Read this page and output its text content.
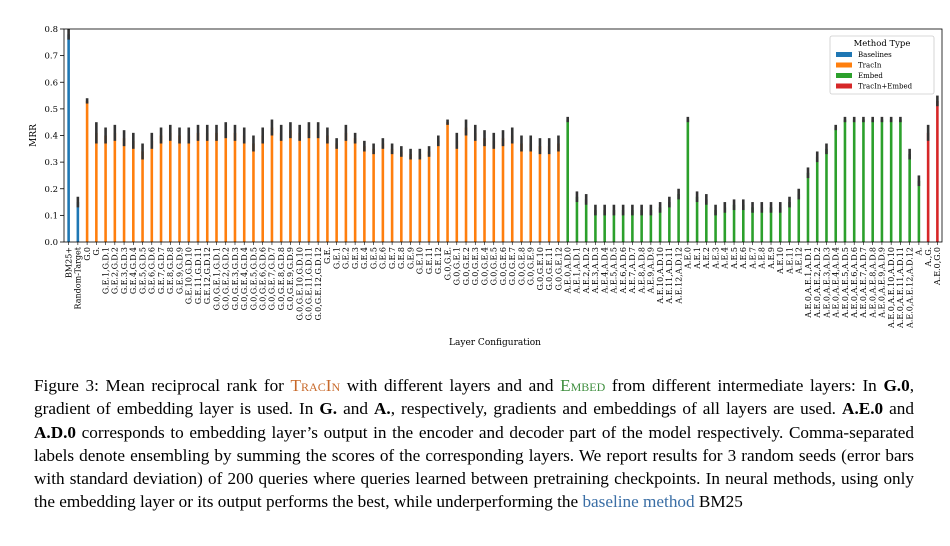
0.0
0.1
0.2
0.3
0.4
0.5
0.6
0.7
0.8
BM25+ Random-Target G.0 G. G.E.1,G.D.1 G.E.2,G.D.2 G.E.3,G.D.3 G.E.4,G.D.4 G.E.5,G.D.5 G.E.6,G.D.6 G.E.7,G.D.7 G.E.8,G.D.8 G.E.9,G.D.9 G.E.10,G.D.10 G.E.11,G.D.11 G.E.12,G.D.12 G.0,G.E.1,G.D.1 G.0,G.E.2,G.D.2 G.0,G.E.3,G.D.3 G.0,G.E.4,G.D.4 G.0,G.E.5,G.D.5 G.0,G.E.6,G.D.6 G.0,G.E.7,G.D.7 G.0,G.E.8,G.D.8 G.0,G.E.9,G.D.9 G.0,G.E.10,G.D.10 G.0,G.E.11,G.D.11 G.0,G.E.12,G.D.12 G.E. G.E.1 G.E.2 G.E.3 G.E.4 G.E.5 G.E.6 G.E.7 G.E.8 G.E.9 G.E.10 G.E.11 G.E.12 G.0,G.E. G.0,G.E.1 G.0,G.E.2 G.0,G.E.3 G.0,G.E.4 G.0,G.E.5 G.0,G.E.6 G.0,G.E.7 G.0,G.E.8 G.0,G.E.9 G.0,G.E.10 G.0,G.E.11 G.0,G.E.12 A.E.0,A.D.0 A.E.1,A.D.1 A.E.2,A.D.2 A.E.3,A.D.3 A.E.4,A.D.4 A.E.5,A.D.5 A.E.6,A.D.6 A.E.7,A.D.7 A.E.8,A.D.8 A.E.9,A.D.9 A.E.10,A.D.10 A.E.11,A.D.11 A.E.12,A.D.12 A.E.0 A.E.1 A.E.2 A.E.3 A.E.4 A.E.5 A.E.6 A.E.7 A.E.8 A.E.9 A.E.10 A.E.11 A.E.12 A.E.0,A.E.1,A.D.1 A.E.0,A.E.2,A.D.2 A.E.0,A.E.3,A.D.3 A.E.0,A.E.4,A.D.4 A.E.0,A.E.5,A.D.5 A.E.0,A.E.6,A.D.6 A.E.0,A.E.7,A.D.7 A.E.0,A.E.8,A.D.8 A.E.0,A.E.9,A.D.9 A.E.0,A.E.10,A.D.10 A.E.0,A.E.11,A.D.11 A.E.0,A.E.12,A.D.12 A. A.,G. A.E.0,G.0
MRR
Layer Configuration
Method Type
Baselines
TracIn
Embed
TracIn+Embed
Figure 3: Mean reciprocal rank for TracIn with different layers and and Embed from different intermediate layers: In G.0, gradient of embedding layer is used. In G. and A., respectively, gradients and embeddings of all layers are used. A.E.0 and A.D.0 corresponds to embedding layer’s output in the encoder and decoder part of the model respectively. Comma-separated labels denote ensembling by summing the scores of the corresponding layers. We report results for 3 random seeds (error bars with standard deviation) of 200 queries where queries learned between pretraining checkpoints. In neural methods, using only the embedding layer or its output performs the best, while underperforming the baseline method BM25
